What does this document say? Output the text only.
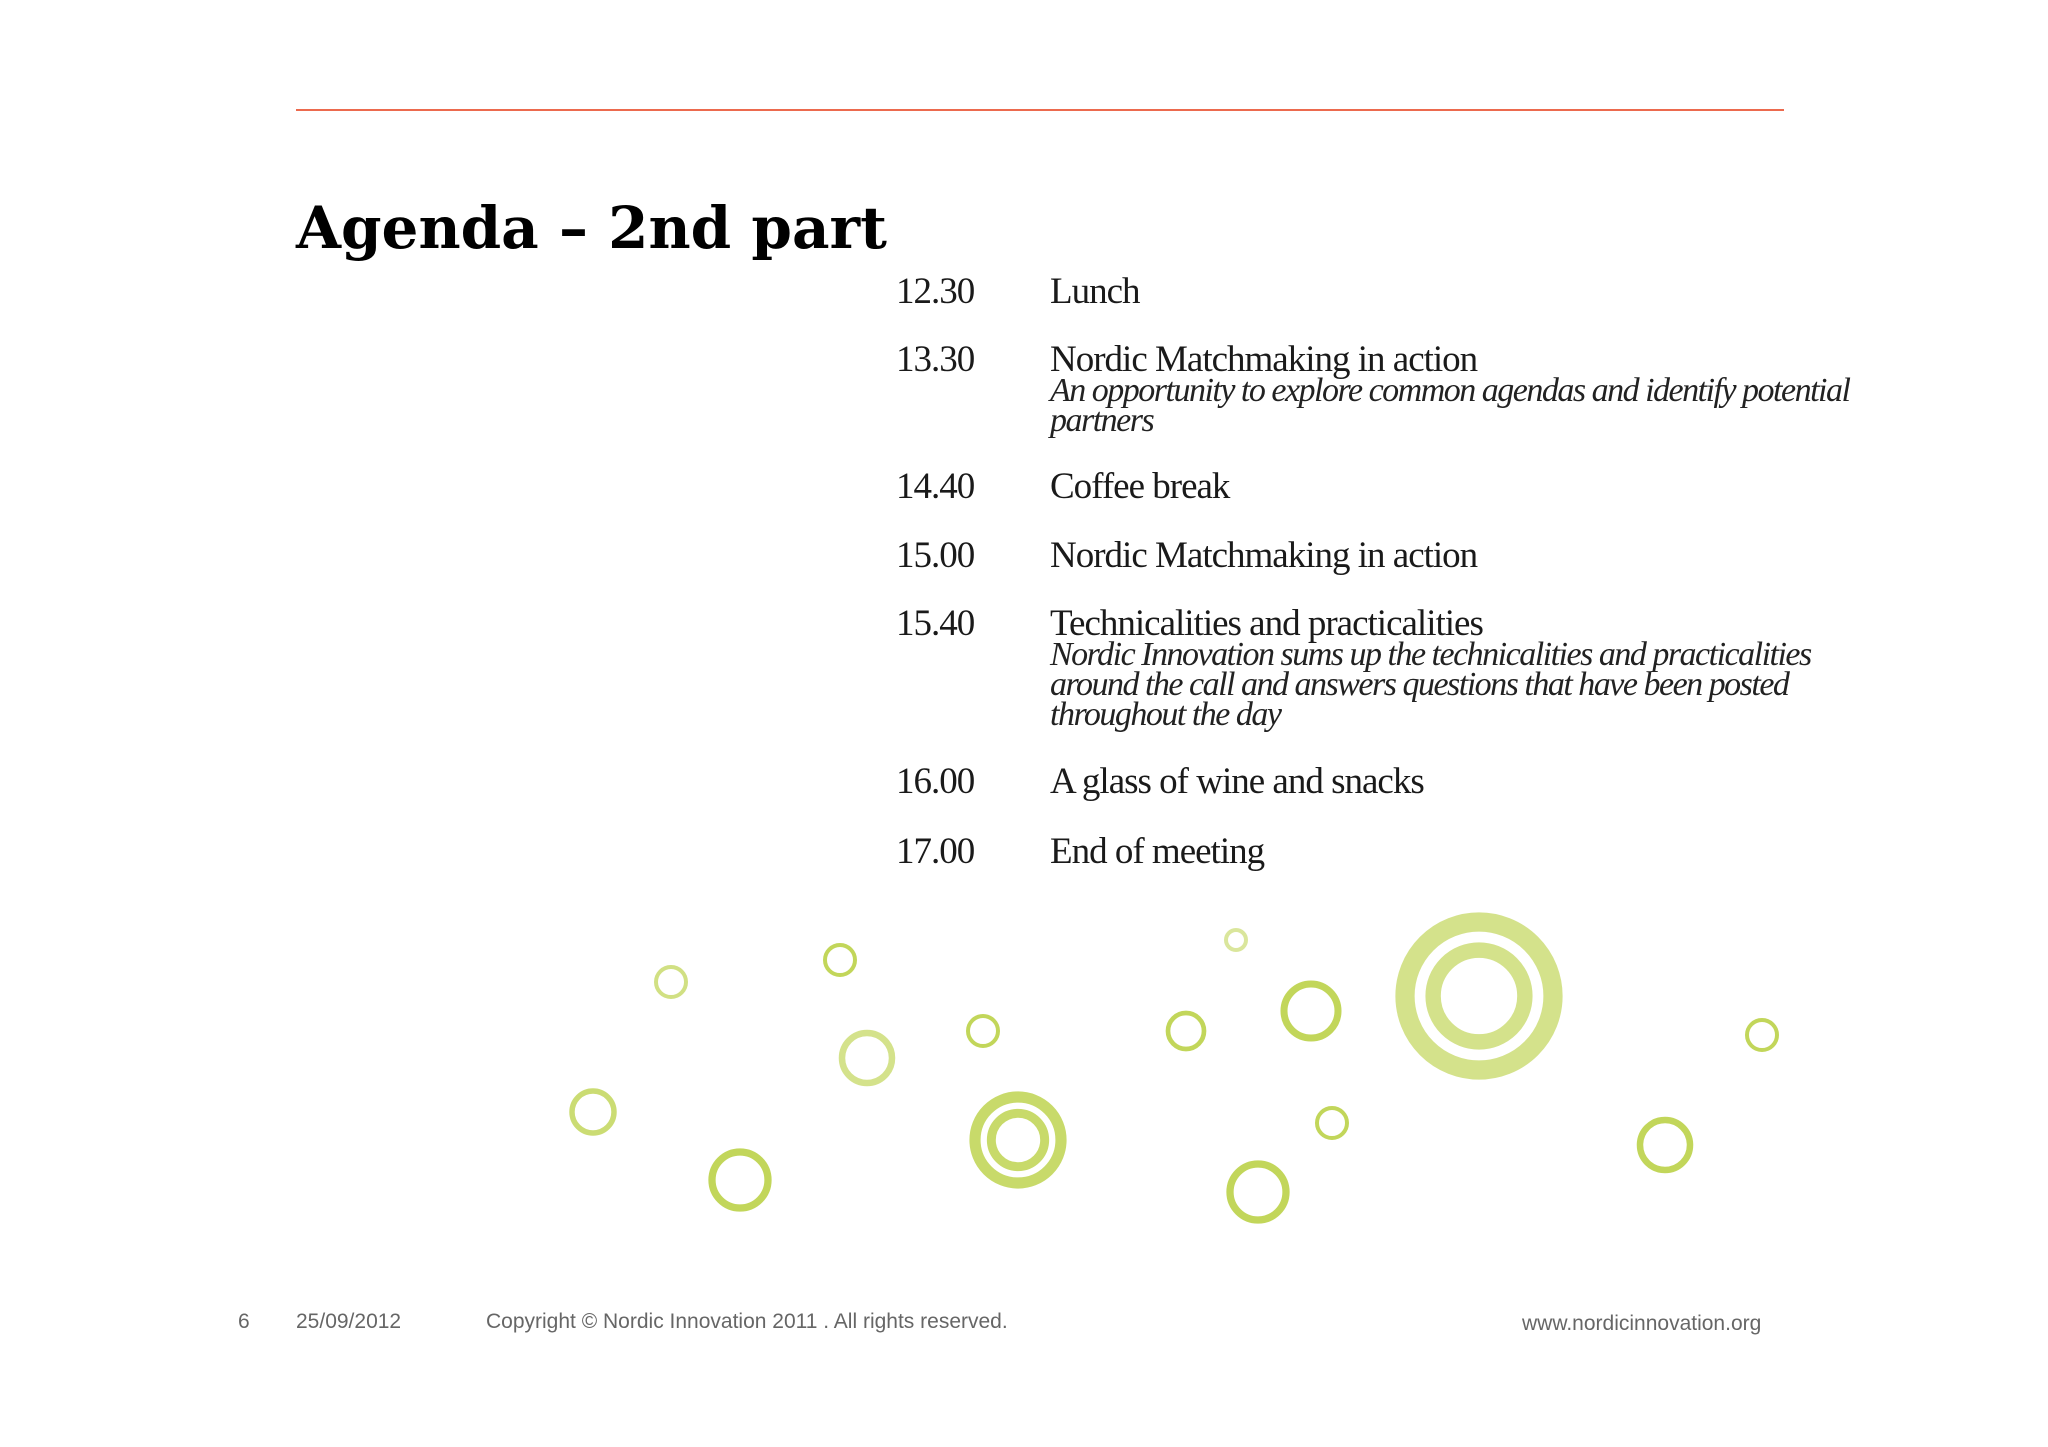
Agenda – 2nd part
12.30 Lunch
13.30 Nordic Matchmaking in action
An opportunity to explore common agendas and identify potential partners
14.40 Coffee break
15.00 Nordic Matchmaking in action
15.40 Technicalities and practicalities
Nordic Innovation sums up the technicalities and practicalities around the call and answers questions that have been posted throughout the day
16.00 A glass of wine and snacks
17.00 End of meeting
6 25/09/2012	Copyright © Nordic Innovation 2011 . All rights reserved.	www.nordicinnovation.org
